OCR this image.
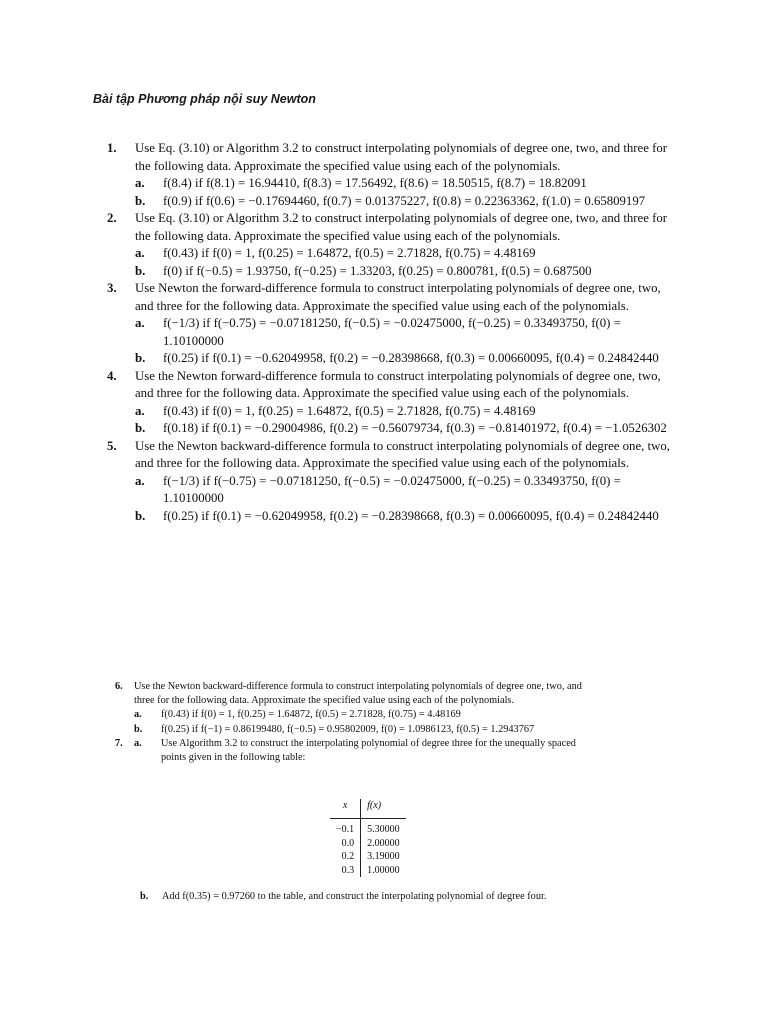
Bài tập Phương pháp nội suy Newton
1. Use Eq. (3.10) or Algorithm 3.2 to construct interpolating polynomials of degree one, two, and three for the following data. Approximate the specified value using each of the polynomials.
a. f(8.4) if f(8.1) = 16.94410, f(8.3) = 17.56492, f(8.6) = 18.50515, f(8.7) = 18.82091
b. f(0.9) if f(0.6) = −0.17694460, f(0.7) = 0.01375227, f(0.8) = 0.22363362, f(1.0) = 0.65809197
2. Use Eq. (3.10) or Algorithm 3.2 to construct interpolating polynomials of degree one, two, and three for the following data. Approximate the specified value using each of the polynomials.
a. f(0.43) if f(0) = 1, f(0.25) = 1.64872, f(0.5) = 2.71828, f(0.75) = 4.48169
b. f(0) if f(−0.5) = 1.93750, f(−0.25) = 1.33203, f(0.25) = 0.800781, f(0.5) = 0.687500
3. Use Newton the forward-difference formula to construct interpolating polynomials of degree one, two, and three for the following data. Approximate the specified value using each of the polynomials.
a. f(−1/3) if f(−0.75) = −0.07181250, f(−0.5) = −0.02475000, f(−0.25) = 0.33493750, f(0) = 1.10100000
b. f(0.25) if f(0.1) = −0.62049958, f(0.2) = −0.28398668, f(0.3) = 0.00660095, f(0.4) = 0.24842440
4. Use the Newton forward-difference formula to construct interpolating polynomials of degree one, two, and three for the following data. Approximate the specified value using each of the polynomials.
a. f(0.43) if f(0) = 1, f(0.25) = 1.64872, f(0.5) = 2.71828, f(0.75) = 4.48169
b. f(0.18) if f(0.1) = −0.29004986, f(0.2) = −0.56079734, f(0.3) = −0.81401972, f(0.4) = −1.0526302
5. Use the Newton backward-difference formula to construct interpolating polynomials of degree one, two, and three for the following data. Approximate the specified value using each of the polynomials.
a. f(−1/3) if f(−0.75) = −0.07181250, f(−0.5) = −0.02475000, f(−0.25) = 0.33493750, f(0) = 1.10100000
b. f(0.25) if f(0.1) = −0.62049958, f(0.2) = −0.28398668, f(0.3) = 0.00660095, f(0.4) = 0.24842440
6. Use the Newton backward-difference formula to construct interpolating polynomials of degree one, two, and three for the following data. Approximate the specified value using each of the polynomials.
a. f(0.43) if f(0) = 1, f(0.25) = 1.64872, f(0.5) = 2.71828, f(0.75) = 4.48169
b. f(0.25) if f(−1) = 0.86199480, f(−0.5) = 0.95802009, f(0) = 1.0986123, f(0.5) = 1.2943767
7. a. Use Algorithm 3.2 to construct the interpolating polynomial of degree three for the unequally spaced points given in the following table:
x	f(x)
−0.1	5.30000
0.0	2.00000
0.2	3.19000
0.3	1.00000
b. Add f(0.35) = 0.97260 to the table, and construct the interpolating polynomial of degree four.
